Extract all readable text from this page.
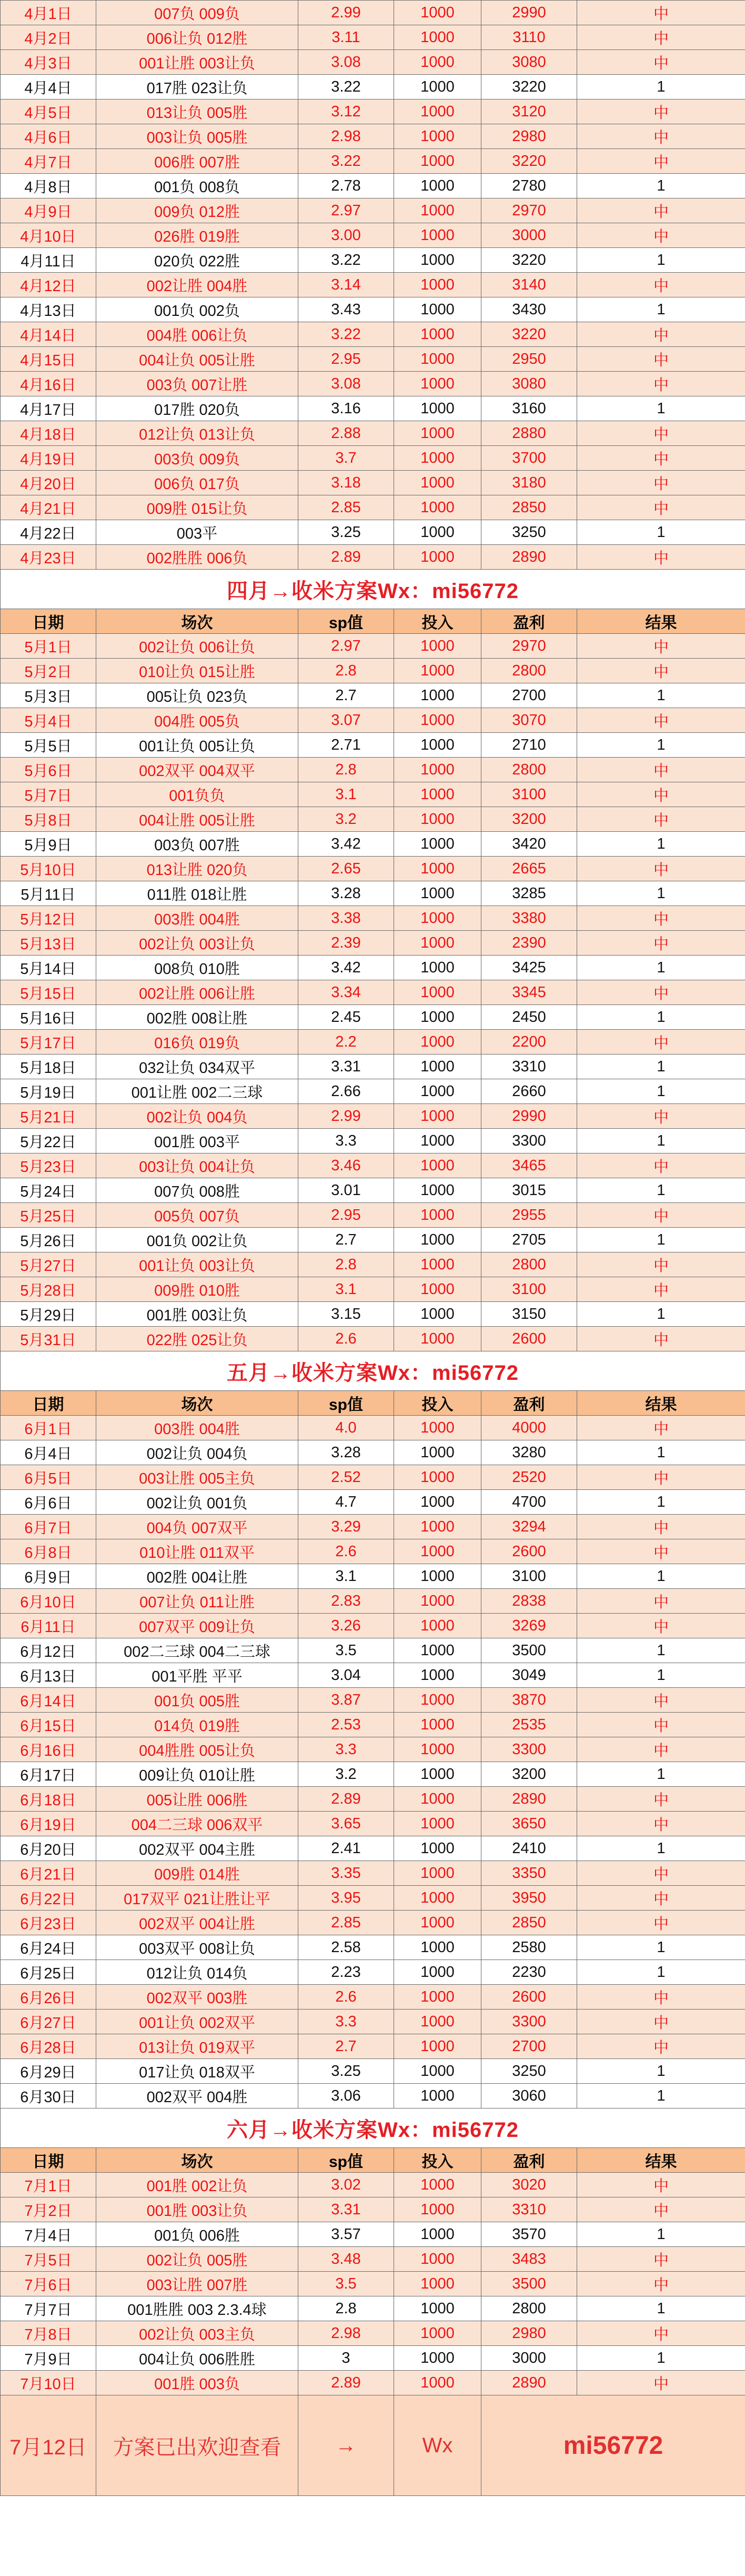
4月1日	007负 009负	2.99	1000	2990	中
4月2日	006让负 012胜	3.11	1000	3110	中
4月3日	001让胜 003让负	3.08	1000	3080	中
4月4日	017胜 023让负	3.22	1000	3220	1
4月5日	013让负 005胜	3.12	1000	3120	中
4月6日	003让负 005胜	2.98	1000	2980	中
4月7日	006胜 007胜	3.22	1000	3220	中
4月8日	001负 008负	2.78	1000	2780	1
4月9日	009负 012胜	2.97	1000	2970	中
4月10日	026胜 019胜	3.00	1000	3000	中
4月11日	020负 022胜	3.22	1000	3220	1
4月12日	002让胜 004胜	3.14	1000	3140	中
4月13日	001负 002负	3.43	1000	3430	1
4月14日	004胜 006让负	3.22	1000	3220	中
4月15日	004让负 005让胜	2.95	1000	2950	中
4月16日	003负 007让胜	3.08	1000	3080	中
4月17日	017胜 020负	3.16	1000	3160	1
4月18日	012让负 013让负	2.88	1000	2880	中
4月19日	003负 009负	3.7	1000	3700	中
4月20日	006负 017负	3.18	1000	3180	中
4月21日	009胜 015让负	2.85	1000	2850	中
4月22日	003平	3.25	1000	3250	1
4月23日	002胜胜 006负	2.89	1000	2890	中
四月→收米方案Wx：mi56772					
日期	场次	sp值	投入	盈利	结果
5月1日	002让负 006让负	2.97	1000	2970	中
5月2日	010让负 015让胜	2.8	1000	2800	中
5月3日	005让负 023负	2.7	1000	2700	1
5月4日	004胜 005负	3.07	1000	3070	中
5月5日	001让负 005让负	2.71	1000	2710	1
5月6日	002双平 004双平	2.8	1000	2800	中
5月7日	001负负	3.1	1000	3100	中
5月8日	004让胜 005让胜	3.2	1000	3200	中
5月9日	003负 007胜	3.42	1000	3420	1
5月10日	013让胜 020负	2.65	1000	2665	中
5月11日	011胜 018让胜	3.28	1000	3285	1
5月12日	003胜 004胜	3.38	1000	3380	中
5月13日	002让负 003让负	2.39	1000	2390	中
5月14日	008负 010胜	3.42	1000	3425	1
5月15日	002让胜 006让胜	3.34	1000	3345	中
5月16日	002胜 008让胜	2.45	1000	2450	1
5月17日	016负 019负	2.2	1000	2200	中
5月18日	032让负 034双平	3.31	1000	3310	1
5月19日	001让胜 002二三球	2.66	1000	2660	1
5月21日	002让负 004负	2.99	1000	2990	中
5月22日	001胜 003平	3.3	1000	3300	1
5月23日	003让负 004让负	3.46	1000	3465	中
5月24日	007负 008胜	3.01	1000	3015	1
5月25日	005负 007负	2.95	1000	2955	中
5月26日	001负 002让负	2.7	1000	2705	1
5月27日	001让负 003让负	2.8	1000	2800	中
5月28日	009胜 010胜	3.1	1000	3100	中
5月29日	001胜 003让负	3.15	1000	3150	1
5月31日	022胜 025让负	2.6	1000	2600	中
五月→收米方案Wx：mi56772					
日期	场次	sp值	投入	盈利	结果
6月1日	003胜 004胜	4.0	1000	4000	中
6月4日	002让负 004负	3.28	1000	3280	1
6月5日	003让胜 005主负	2.52	1000	2520	中
6月6日	002让负 001负	4.7	1000	4700	1
6月7日	004负 007双平	3.29	1000	3294	中
6月8日	010让胜 011双平	2.6	1000	2600	中
6月9日	002胜 004让胜	3.1	1000	3100	1
6月10日	007让负 011让胜	2.83	1000	2838	中
6月11日	007双平 009让负	3.26	1000	3269	中
6月12日	002二三球 004二三球	3.5	1000	3500	1
6月13日	001平胜 平平	3.04	1000	3049	1
6月14日	001负 005胜	3.87	1000	3870	中
6月15日	014负 019胜	2.53	1000	2535	中
6月16日	004胜胜 005让负	3.3	1000	3300	中
6月17日	009让负 010让胜	3.2	1000	3200	1
6月18日	005让胜 006胜	2.89	1000	2890	中
6月19日	004二三球 006双平	3.65	1000	3650	中
6月20日	002双平 004主胜	2.41	1000	2410	1
6月21日	009胜 014胜	3.35	1000	3350	中
6月22日	017双平 021让胜让平	3.95	1000	3950	中
6月23日	002双平 004让胜	2.85	1000	2850	中
6月24日	003双平 008让负	2.58	1000	2580	1
6月25日	012让负 014负	2.23	1000	2230	1
6月26日	002双平 003胜	2.6	1000	2600	中
6月27日	001让负 002双平	3.3	1000	3300	中
6月28日	013让负 019双平	2.7	1000	2700	中
6月29日	017让负 018双平	3.25	1000	3250	1
6月30日	002双平 004胜	3.06	1000	3060	1
六月→收米方案Wx：mi56772					
日期	场次	sp值	投入	盈利	结果
7月1日	001胜 002让负	3.02	1000	3020	中
7月2日	001胜 003让负	3.31	1000	3310	中
7月4日	001负 006胜	3.57	1000	3570	1
7月5日	002让负 005胜	3.48	1000	3483	中
7月6日	003让胜 007胜	3.5	1000	3500	中
7月7日	001胜胜 003 2.3.4球	2.8	1000	2800	1
7月8日	002让负 003主负	2.98	1000	2980	中
7月9日	004让负 006胜胜	3	1000	3000	1
7月10日	001胜 003负	2.89	1000	2890	中
7月12日	方案已出欢迎查看	→	Wx	mi56772	
